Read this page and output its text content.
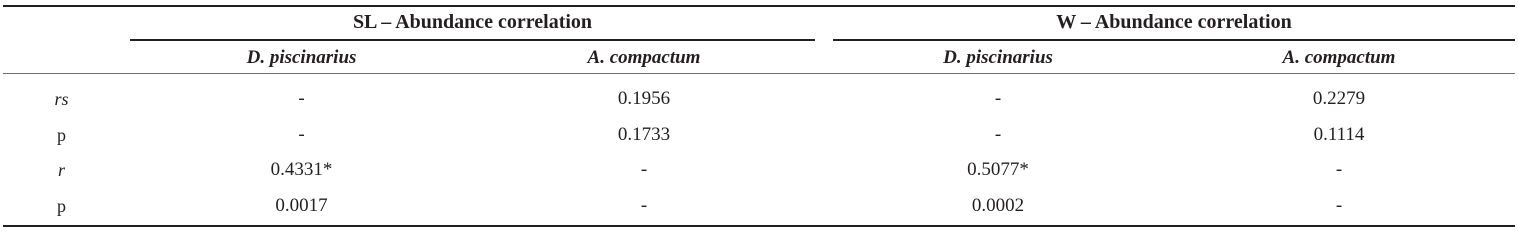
SL – Abundance correlation	W – Abundance correlation
D. piscinarius	A. compactum	D. piscinarius	A. compactum
rs	-	0.1956	-	0.2279
p	-	0.1733	-	0.1114
r	0.4331*	-	0.5077*	-
p	0.0017	-	0.0002	-
